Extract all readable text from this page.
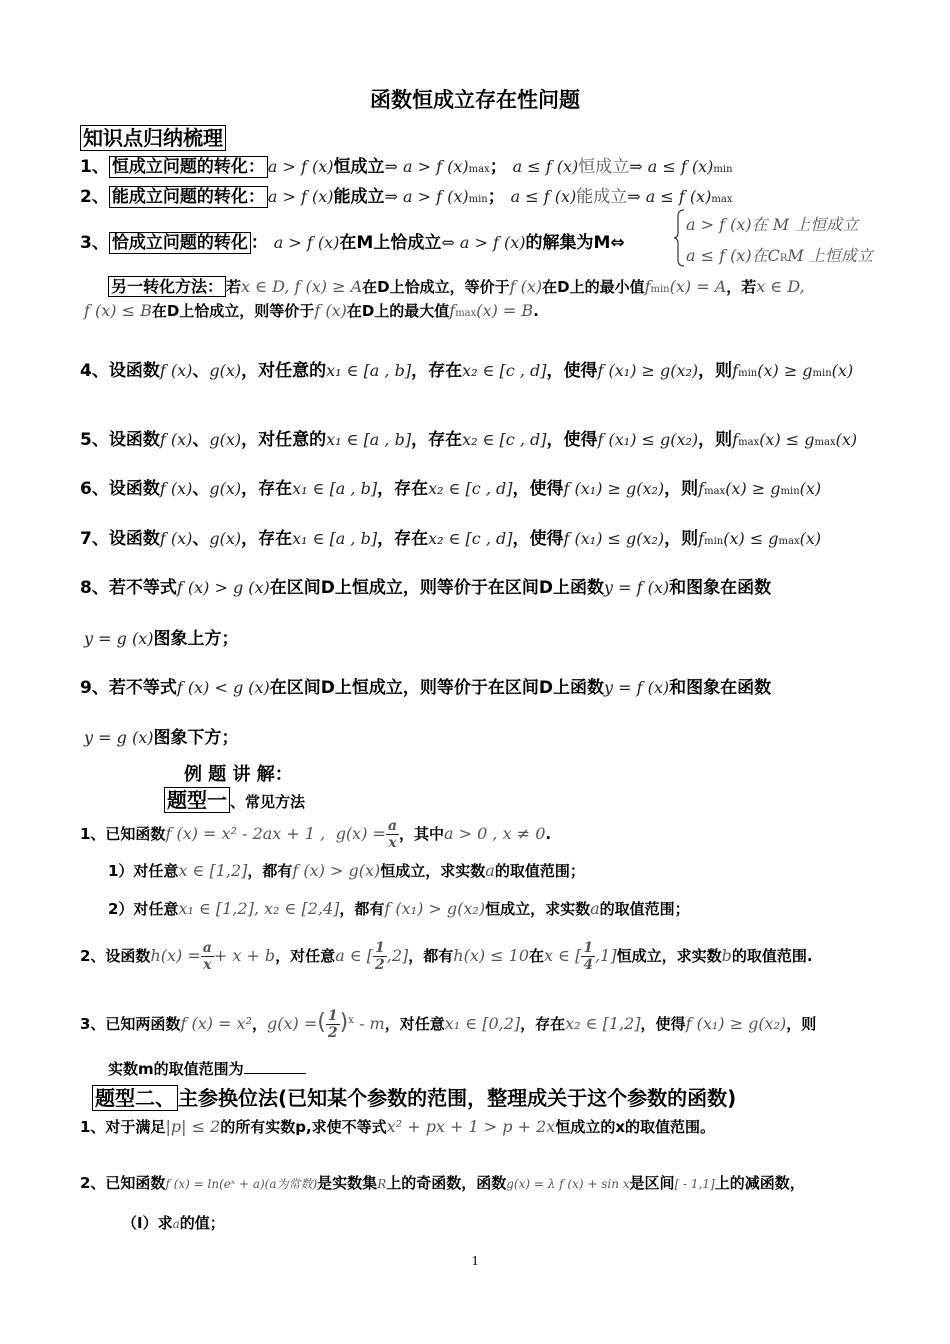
函数恒成立存在性问题
知识点归纳梳理
1、 恒成立问题的转化： a > f (x)恒成立⇒ a > f (x)max； a ≤ f (x)恒成立⇒ a ≤ f (x)min
2、 能成立问题的转化： a > f (x)能成立⇒ a > f (x)min； a ≤ f (x)能成立⇒ a ≤ f (x)max
3、 恰成立问题的转化 ： a > f (x)在M上恰成立⇔ a > f (x)的解集为M⇔
a > f (x)在 M 上恒成立
a ≤ f (x)在CRM 上恒成立
另一转化方法： 若x ∈ D, f (x) ≥ A在D上恰成立，等价于f (x)在D上的最小值fmin(x) = A，若x ∈ D,
f (x) ≤ B在D上恰成立，则等价于f (x)在D上的最大值fmax(x) = B.
4、设函数f (x)、g(x)，对任意的x₁ ∈ [a , b]，存在x₂ ∈ [c , d]，使得f (x₁) ≥ g(x₂)，则fmin(x) ≥ gmin(x)
5、设函数f (x)、g(x)，对任意的x₁ ∈ [a , b]，存在x₂ ∈ [c , d]，使得f (x₁) ≤ g(x₂)，则fmax(x) ≤ gmax(x)
6、设函数f (x)、g(x)，存在x₁ ∈ [a , b]，存在x₂ ∈ [c , d]，使得f (x₁) ≥ g(x₂)，则fmax(x) ≥ gmin(x)
7、设函数f (x)、g(x)，存在x₁ ∈ [a , b]，存在x₂ ∈ [c , d]，使得f (x₁) ≤ g(x₂)，则fmin(x) ≤ gmax(x)
8、若不等式f (x) > g (x)在区间D上恒成立，则等价于在区间D上函数y = f (x)和图象在函数
y = g (x)图象上方；
9、若不等式f (x) < g (x)在区间D上恒成立，则等价于在区间D上函数y = f (x)和图象在函数
y = g (x)图象下方；
例 题 讲 解：
题型一 、常见方法
1、已知函数f (x) = x² - 2ax + 1 , $g(x) = \frac{a}{x}$ ，其中a > 0 , x ≠ 0.
1）对任意x ∈ [1,2]，都有f (x) > g(x)恒成立，求实数a的取值范围；
2）对任意x₁ ∈ [1,2], x₂ ∈ [2,4]，都有f (x₁) > g(x₂)恒成立，求实数a的取值范围；
2、设函数$h(x) = \frac{a}{x} + x + b$，对任意a ∈ [ $\frac{1}{2} ,2$]，都有h(x) ≤ 10在x ∈ [ $\frac{1}{4} ,1$]恒成立，求实数b的取值范围.
3、已知两函数f (x) = x²，g(x) =( $\frac{1}{2} )^x$ - m，对任意x₁ ∈ [0,2]，存在x₂ ∈ [1,2]，使得f (x₁) ≥ g(x₂)，则
实数m的取值范围为
题型二、 主参换位法(已知某个参数的范围，整理成关于这个参数的函数)
1、对于满足|p| ≤ 2的所有实数p,求使不等式x² + px + 1 > p + 2x恒成立的x的取值范围。
2、已知函数f (x) = ln(eˣ + a)(a为常数)是实数集R上的奇函数，函数g(x) = λ f (x) + sin x是区间[ - 1,1]上的减函数，
（I）求a的值；
1
